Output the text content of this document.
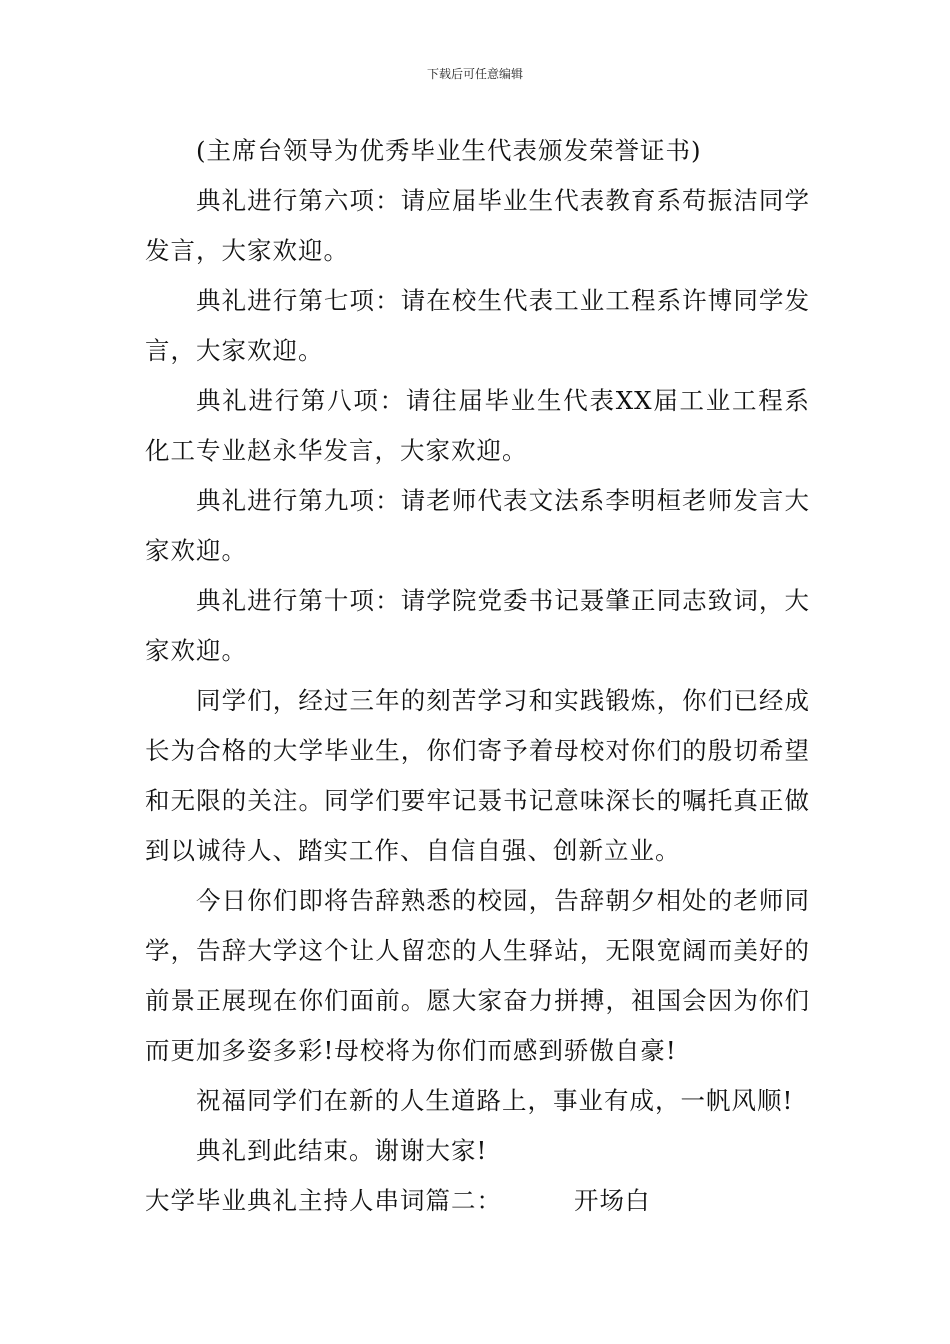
下载后可任意编辑

(主席台领导为优秀毕业生代表颁发荣誉证书)

典礼进行第六项：请应届毕业生代表教育系苟振洁同学发言，大家欢迎。

典礼进行第七项：请在校生代表工业工程系许博同学发言，大家欢迎。

典礼进行第八项：请往届毕业生代表XX届工业工程系化工专业赵永华发言，大家欢迎。

典礼进行第九项：请老师代表文法系李明桓老师发言大家欢迎。

典礼进行第十项：请学院党委书记聂肇正同志致词，大家欢迎。

同学们，经过三年的刻苦学习和实践锻炼，你们已经成长为合格的大学毕业生，你们寄予着母校对你们的殷切希望和无限的关注。同学们要牢记聂书记意味深长的嘱托真正做到以诚待人、踏实工作、自信自强、创新立业。

今日你们即将告辞熟悉的校园，告辞朝夕相处的老师同学，告辞大学这个让人留恋的人生驿站，无限宽阔而美好的前景正展现在你们面前。愿大家奋力拼搏，祖国会因为你们而更加多姿多彩!母校将为你们而感到骄傲自豪!

祝福同学们在新的人生道路上，事业有成，一帆风顺!

典礼到此结束。谢谢大家!

大学毕业典礼主持人串词篇二：	开场白
